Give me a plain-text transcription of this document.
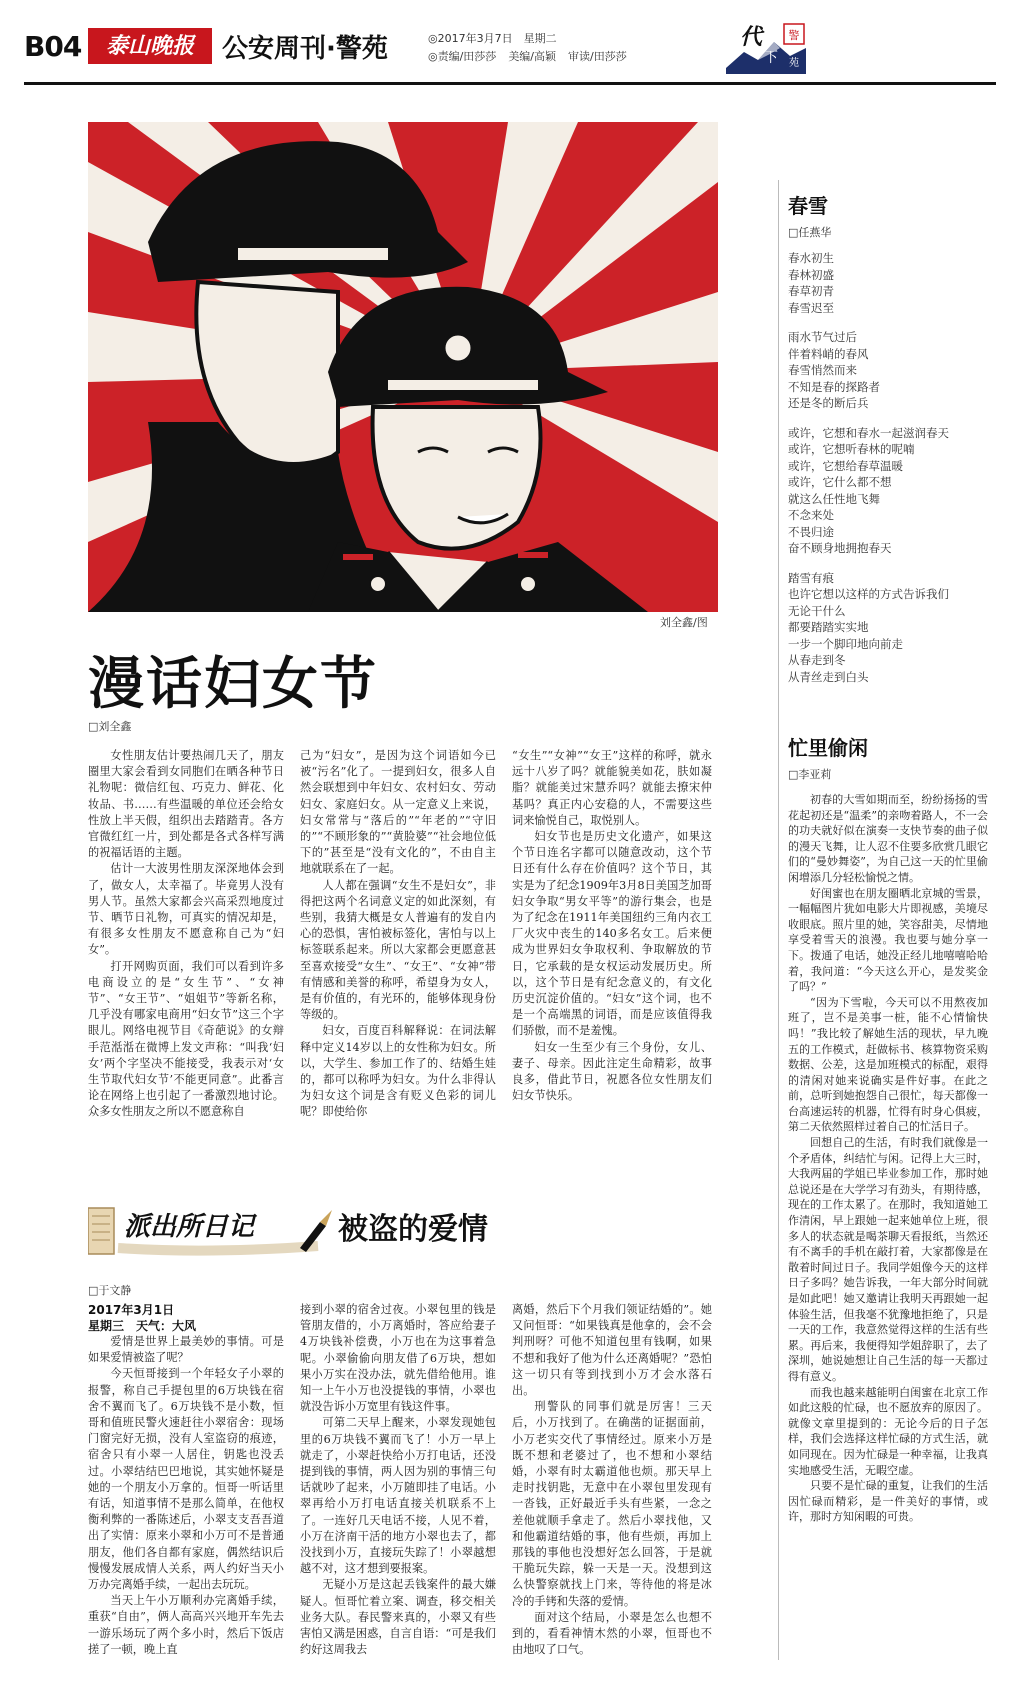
B04	泰山晚报	公安周刊·警苑	◎2017年3月7日　星期二
◎责编/田莎莎 美编/高颖 审读/田莎莎
警
苑
代
下
刘全鑫/图
漫话妇女节
□刘全鑫

女性朋友估计要热闹几天了，朋友圈里大家会看到女同胞们在晒各种节日礼物呢：微信红包、巧克力、鲜花、化妆品、书……有些温暖的单位还会给女性放上半天假，组织出去踏踏青。各方官微红红一片，到处都是各式各样写满的祝福话语的主题。

估计一大波男性朋友深深地体会到了，做女人，太幸福了。毕竟男人没有男人节。虽然大家都会兴高采烈地度过节、晒节日礼物，可真实的情况却是，有很多女性朋友不愿意称自己为“妇女”。

打开网购页面，我们可以看到许多电商设立的是“女生节”、“女神节”、“女王节”、“姐姐节”等新名称，几乎没有哪家电商用“妇女节”这三个字眼儿。网络电视节目《奇葩说》的女辩手范湉湉在微博上发文声称：“叫我‘妇女’两个字坚决不能接受，我表示对‘女生节取代妇女节’不能更同意”。此番言论在网络上也引起了一番激烈地讨论。众多女性朋友之所以不愿意称自

己为“妇女”，是因为这个词语如今已被“污名”化了。一提到妇女，很多人自然会联想到中年妇女、农村妇女、劳动妇女、家庭妇女。从一定意义上来说，妇女常常与“落后的”“年老的”“守旧的”“不顾形象的”“黄脸婆”“社会地位低下的”甚至是“没有文化的”，不由自主地就联系在了一起。

人人都在强调“女生不是妇女”，非得把这两个名词意义定的如此深刻，有些别，我猜大概是女人普遍有的发自内心的恐惧，害怕被标签化，害怕与以上标签联系起来。所以大家都会更愿意甚至喜欢接受“女生”、“女王”、“女神”带有情感和美誉的称呼，希望身为女人，是有价值的，有光环的，能够体现身份等级的。

妇女，百度百科解释说：在词法解释中定义14岁以上的女性称为妇女。所以，大学生、参加工作了的、结婚生娃的，都可以称呼为妇女。为什么非得认为妇女这个词是含有贬义色彩的词儿呢？即使给你

“女生”“女神”“女王”这样的称呼，就永远十八岁了吗？就能貌美如花，肤如凝脂？就能美过宋慧乔吗？就能去撩宋仲基吗？真正内心安稳的人，不需要这些词来愉悦自己，取悦别人。

妇女节也是历史文化遗产，如果这个节日连名字都可以随意改动，这个节日还有什么存在价值吗？这个节日，其实是为了纪念1909年3月8日美国芝加哥妇女争取“男女平等”的游行集会，也是为了纪念在1911年美国纽约三角内衣工厂火灾中丧生的140多名女工。后来便成为世界妇女争取权利、争取解放的节日，它承载的是女权运动发展历史。所以，这个节日是有纪念意义的，有文化历史沉淀价值的。“妇女”这个词，也不是一个高端黑的词语，而是应该值得我们骄傲，而不是羞愧。

妇女一生至少有三个身份，女儿、妻子、母亲。因此注定生命精彩，故事良多，借此节日，祝愿各位女性朋友们妇女节快乐。

派出所日记	被盗的爱情
□于文静
2017年3月1日
星期三　天气：大风

爱情是世界上最美妙的事情。可是如果爱情被盗了呢？

今天恒哥接到一个年轻女子小翠的报警，称自己手提包里的6万块钱在宿舍不翼而飞了。6万块钱不是小数，恒哥和值班民警火速赶往小翠宿舍：现场门窗完好无损，没有人室盗窃的痕迹，宿舍只有小翠一人居住，钥匙也没丢过。小翠结结巴巴地说，其实她怀疑是她的一个朋友小万拿的。恒哥一听话里有话，知道事情不是那么简单，在他权衡利弊的一番陈述后，小翠支支吾吾道出了实情：原来小翠和小万可不是普通朋友，他们各自都有家庭，偶然结识后慢慢发展成情人关系，两人约好当天小万办完离婚手续，一起出去玩玩。

当天上午小万顺利办完离婚手续，重获“自由”，俩人高高兴兴地开车先去一游乐场玩了两个多小时，然后下饭店搓了一顿，晚上直

接到小翠的宿舍过夜。小翠包里的钱是管朋友借的，小万离婚时，答应给妻子4万块钱补偿费，小万也在为这事着急呢。小翠偷偷向朋友借了6万块，想如果小万实在没办法，就先借给他用。谁知一上午小万也没提钱的事情，小翠也就没告诉小万宽里有钱这件事。

可第二天早上醒来，小翠发现她包里的6万块钱不翼而飞了！小万一早上就走了，小翠赶快给小万打电话，还没提到钱的事情，两人因为别的事情三句话就吵了起来，小万随即挂了电话。小翠再给小万打电话直接关机联系不上了。一连好几天电话不接，人见不着，小万在济南干活的地方小翠也去了，都没找到小万，直接玩失踪了！小翠越想越不对，这才想到要报案。

无疑小万是这起丢钱案件的最大嫌疑人。恒哥忙着立案、调查，移交相关业务大队。春民警来真的，小翠又有些害怕又满是困惑，自言自语：“可是我们约好这周我去

离婚，然后下个月我们领证结婚的”。她又问恒哥：“如果钱真是他拿的，会不会判刑呀？可他不知道包里有钱啊，如果不想和我好了他为什么还离婚呢？”恐怕这一切只有等到找到小万才会水落石出。

刑警队的同事们就是厉害！三天后，小万找到了。在确凿的证据面前，小万老实交代了事情经过。原来小万是既不想和老婆过了，也不想和小翠结婚，小翠有时太霸道他也烦。那天早上走时找钥匙，无意中在小翠包里发现有一沓钱，正好最近手头有些紧，一念之差他就顺手拿走了。然后小翠找他，又和他霸道结婚的事，他有些烦，再加上那钱的事他也没想好怎么回答，于是就干脆玩失踪，躲一天是一天。没想到这么快警察就找上门来，等待他的将是冰冷的手铐和失落的爱情。

面对这个结局，小翠是怎么也想不到的，看看神情木然的小翠，恒哥也不由地叹了口气。

春雪
□任燕华
春水初生
春林初盛
春草初青
春雪迟至
雨水节气过后
伴着料峭的春风
春雪悄然而来
不知是春的探路者
还是冬的断后兵
或许，它想和春水一起滋润春天
或许，它想听春林的呢喃
或许，它想给春草温暖
或许，它什么都不想
就这么任性地飞舞
不念来处
不畏归途
奋不顾身地拥抱春天
踏雪有痕
也许它想以这样的方式告诉我们
无论干什么
都要踏踏实实地
一步一个脚印地向前走
从春走到冬
从青丝走到白头
忙里偷闲
□李亚莉

初春的大雪如期而至，纷纷扬扬的雪花起初还是“温柔”的亲吻着路人，不一会的功夫就好似在演奏一支快节奏的曲子似的漫天飞舞，让人忍不住要多欣赏几眼它们的“曼妙舞姿”，为自己这一天的忙里偷闲增添几分轻松愉悦之情。

好闺蜜也在朋友圈晒北京城的雪景，一幅幅图片犹如电影大片即视感，美境尽收眼底。照片里的她，笑容甜美，尽情地享受着雪天的浪漫。我也要与她分享一下。拨通了电话，她没正经儿地嘻嘻哈哈着，我问道：“今天这么开心，是发奖金了吗？”

“因为下雪啦，今天可以不用熬夜加班了，岂不是美事一桩，能不心情愉快吗！”我比较了解她生活的现状，早九晚五的工作模式，赶做标书、核算物资采购数据、公差，这是加班模式的标配，艰得的清闲对她来说确实是件好事。在此之前，总听到她抱怨自己很忙，每天都像一台高速运转的机器，忙得有时身心俱疲，第二天依然照样过着自己的忙活日子。

回想自己的生活，有时我们就像是一个矛盾体，纠结忙与闲。记得上大三时，大我两届的学姐已毕业参加工作，那时她总说还是在大学学习有劲头，有期待感，现在的工作太累了。在那时，我知道她工作清闲，早上跟她一起来她单位上班，很多人的状态就是喝茶聊天看报纸，当然还有不离手的手机在敲打着，大家都像是在散着时间过日子。我同学姐像今天的这样日子多吗？她告诉我，一年大部分时间就是如此吧！她又邀请让我明天再跟她一起体验生活，但我毫不犹豫地拒绝了，只是一天的工作，我意然觉得这样的生活有些累。再后来，我便得知学姐辞职了，去了深圳，她说她想让自己生活的每一天都过得有意义。

而我也越来越能明白闺蜜在北京工作如此这般的忙碌，也不愿放弃的原因了。就像文章里提到的：无论今后的日子怎样，我们会选择这样忙碌的方式生活，就如同现在。因为忙碌是一种幸福，让我真实地感受生活，无暇空虚。

只要不是忙碌的重复，让我们的生活因忙碌而精彩，是一件美好的事情，或许，那时方知闲暇的可贵。
